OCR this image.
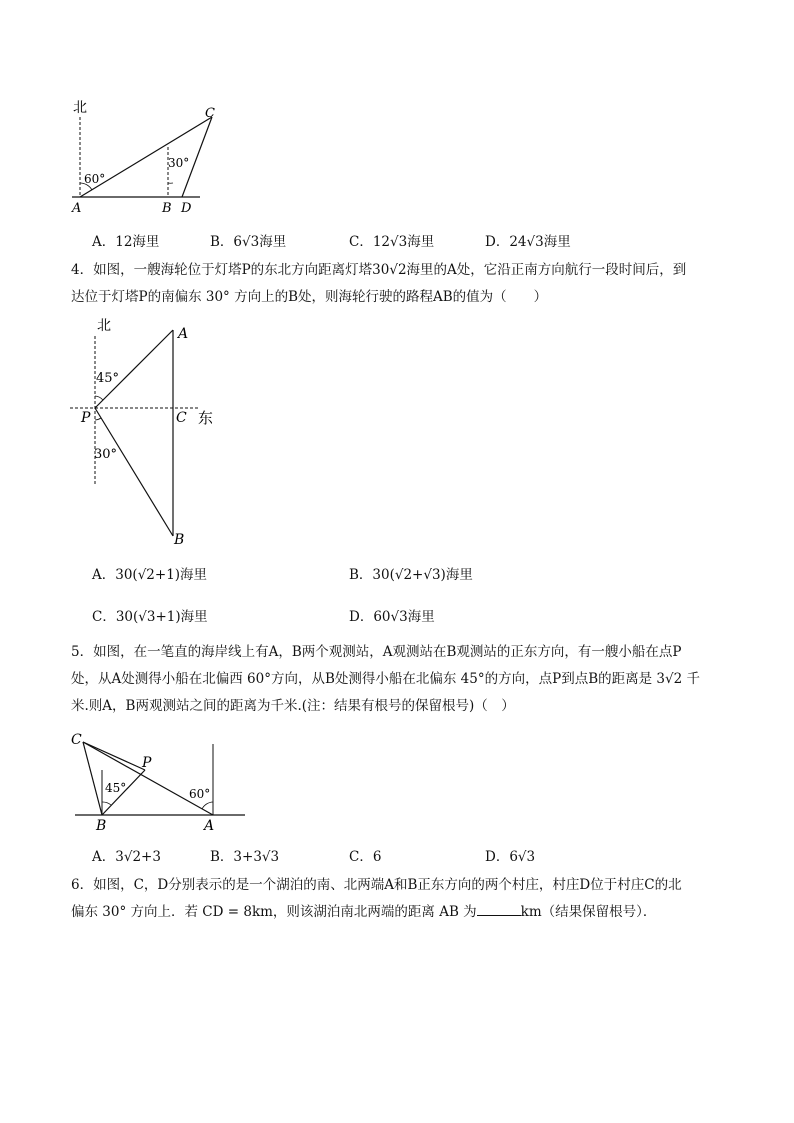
北
60°
30°
A	B D
C
A．12海里	B．6√3海里	C．12√3海里	D．24√3海里
4．如图，一艘海轮位于灯塔P的东北方向距离灯塔30√2海里的A处，它沿正南方向航行一段时间后，到
达位于灯塔P的南偏东 30° 方向上的B处，则海轮行驶的路程AB的值为（　　）
北
东
45°
30°
A
P	C
B
A．30(√2+1)海里	B．30(√2+√3)海里
C．30(√3+1)海里	D．60√3海里
5．如图，在一笔直的海岸线上有A，B两个观测站，A观测站在B观测站的正东方向，有一艘小船在点P
处，从A处测得小船在北偏西 60°方向，从B处测得小船在北偏东 45°的方向，点P到点B的距离是 3√2 千
米.则A，B两观测站之间的距离为千米.(注：结果有根号的保留根号)（　）
45°	60°
C
P
B	A
A．3√2+3	B．3+3√3	C．6	D．6√3
6．如图，C，D分别表示的是一个湖泊的南、北两端A和B正东方向的两个村庄，村庄D位于村庄C的北
偏东 30° 方向上．若 CD = 8km，则该湖泊南北两端的距离 AB 为	km（结果保留根号）．
